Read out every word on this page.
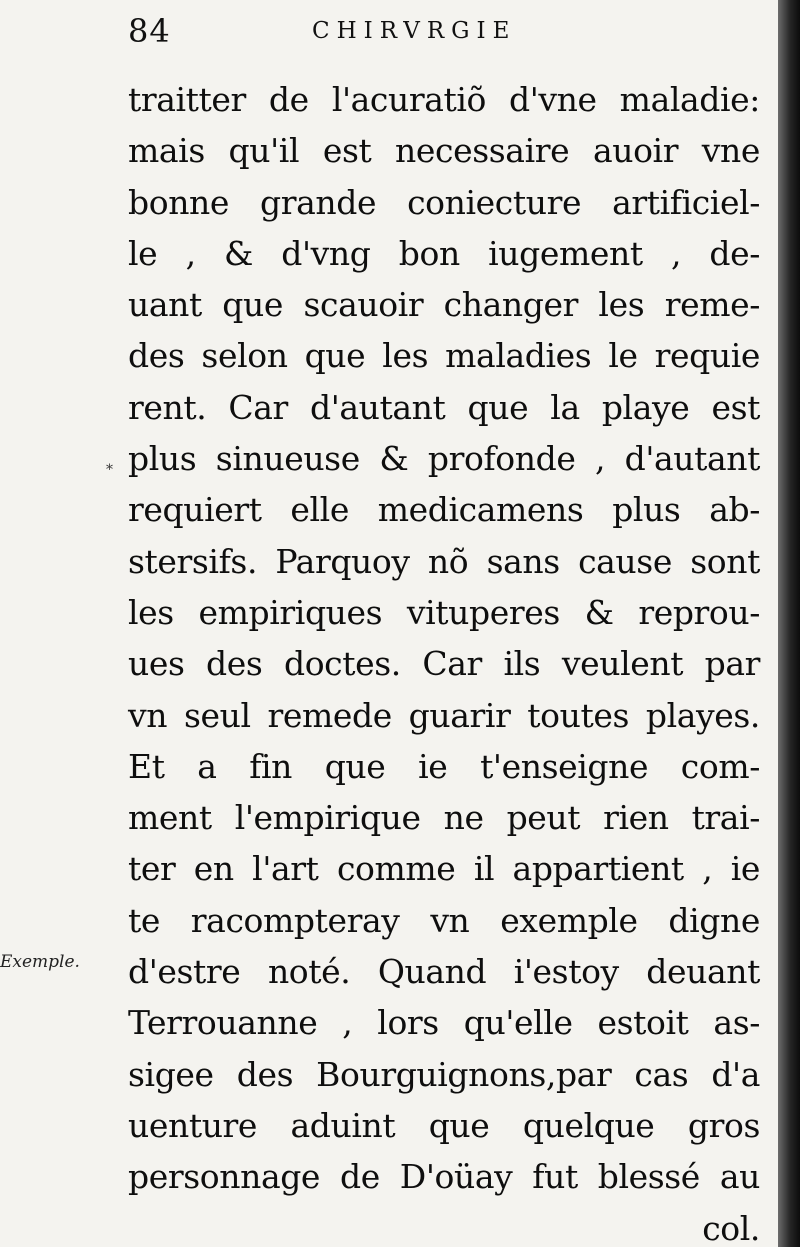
84	CHIRVRGIE
*
Exemple.
traitter de l'acuratiõ d'vne maladie:
mais qu'il est necessaire auoir vne
bonne grande coniecture artificiel-
le , & d'vng bon iugement , de-
uant que scauoir changer les reme-
des selon que les maladies le requie
rent. Car d'autant que la playe est
plus sinueuse & profonde , d'autant
requiert elle medicamens plus ab-
stersifs. Parquoy nõ sans cause sont
les empiriques vituperes & reprou-
ues des doctes. Car ils veulent par
vn seul remede guarir toutes playes.
Et a fin que ie t'enseigne com-
ment l'empirique ne peut rien trai-
ter en l'art comme il appartient , ie
te racompteray vn exemple digne
d'estre noté. Quand i'estoy deuant
Terrouanne , lors qu'elle estoit as-
sigee des Bourguignons,par cas d'a
uenture aduint que quelque gros
personnage de D'oüay fut blessé au
col.
